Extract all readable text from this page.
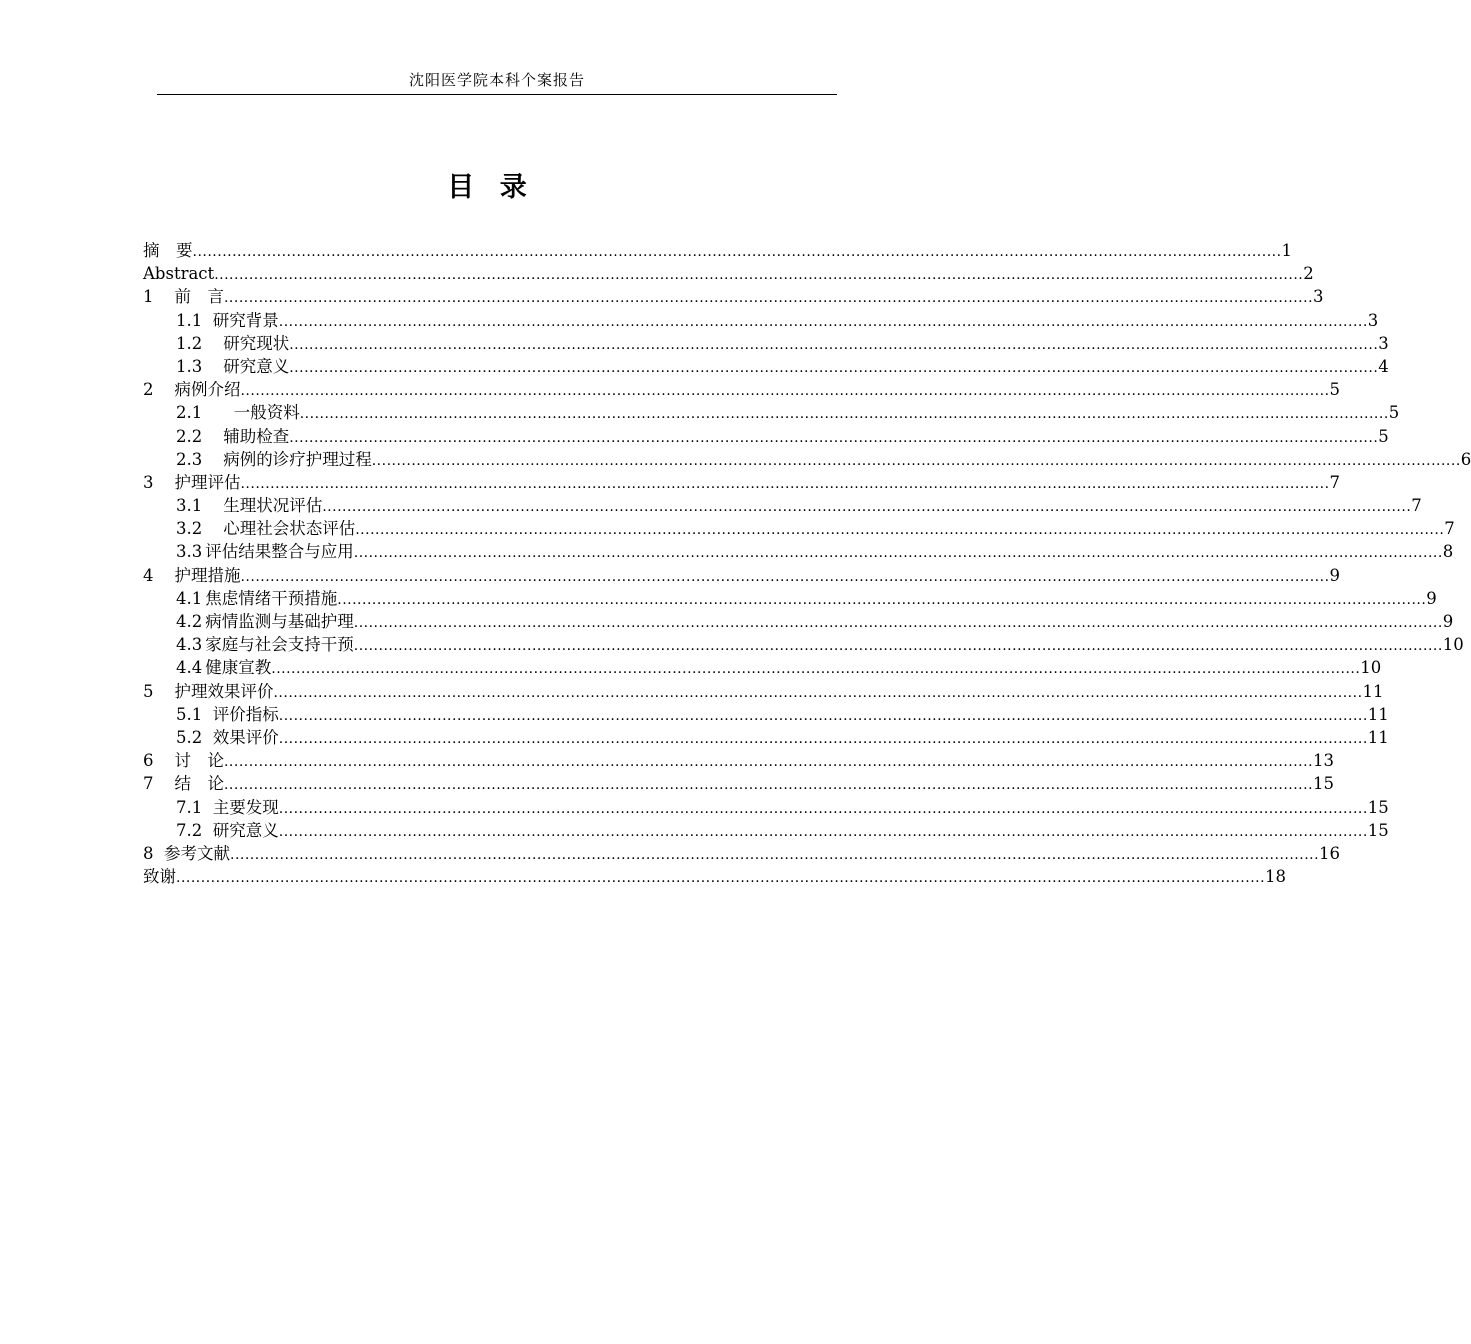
沈阳医学院本科个案报告
目 录
摘　要 ............................................................................................................................................................................................................................ 1
Abstract ............................................................................................................................................................................................................................ 2
1
前　言 ............................................................................................................................................................................................................................ 3
1.1
研究背景 ............................................................................................................................................................................................................................ 3
1.2
研究现状 ............................................................................................................................................................................................................................ 3
1.3
研究意义 ............................................................................................................................................................................................................................ 4
2
病例介绍 ............................................................................................................................................................................................................................ 5
2.1
一般资料 ............................................................................................................................................................................................................................ 5
2.2
辅助检查 ............................................................................................................................................................................................................................ 5
2.3
病例的诊疗护理过程 ............................................................................................................................................................................................................................ 6
3
护理评估 ............................................................................................................................................................................................................................ 7
3.1
生理状况评估 ............................................................................................................................................................................................................................ 7
3.2
心理社会状态评估 ............................................................................................................................................................................................................................ 7
3.3 评估结果整合与应用 ............................................................................................................................................................................................................................ 8
4
护理措施 ............................................................................................................................................................................................................................ 9
4.1 焦虑情绪干预措施 ............................................................................................................................................................................................................................ 9
4.2 病情监测与基础护理 ............................................................................................................................................................................................................................ 9
4.3 家庭与社会支持干预 ............................................................................................................................................................................................................................ 10
4.4 健康宣教 ............................................................................................................................................................................................................................ 10
5
护理效果评价 ............................................................................................................................................................................................................................ 11
5.1
评价指标 ............................................................................................................................................................................................................................ 11
5.2
效果评价 ............................................................................................................................................................................................................................ 11
6
讨　论 ............................................................................................................................................................................................................................ 13
7
结　论 ............................................................................................................................................................................................................................ 15
7.1
主要发现 ............................................................................................................................................................................................................................ 15
7.2
研究意义 ............................................................................................................................................................................................................................ 15
8
参考文献 ............................................................................................................................................................................................................................ 16
致谢 ............................................................................................................................................................................................................................ 18
